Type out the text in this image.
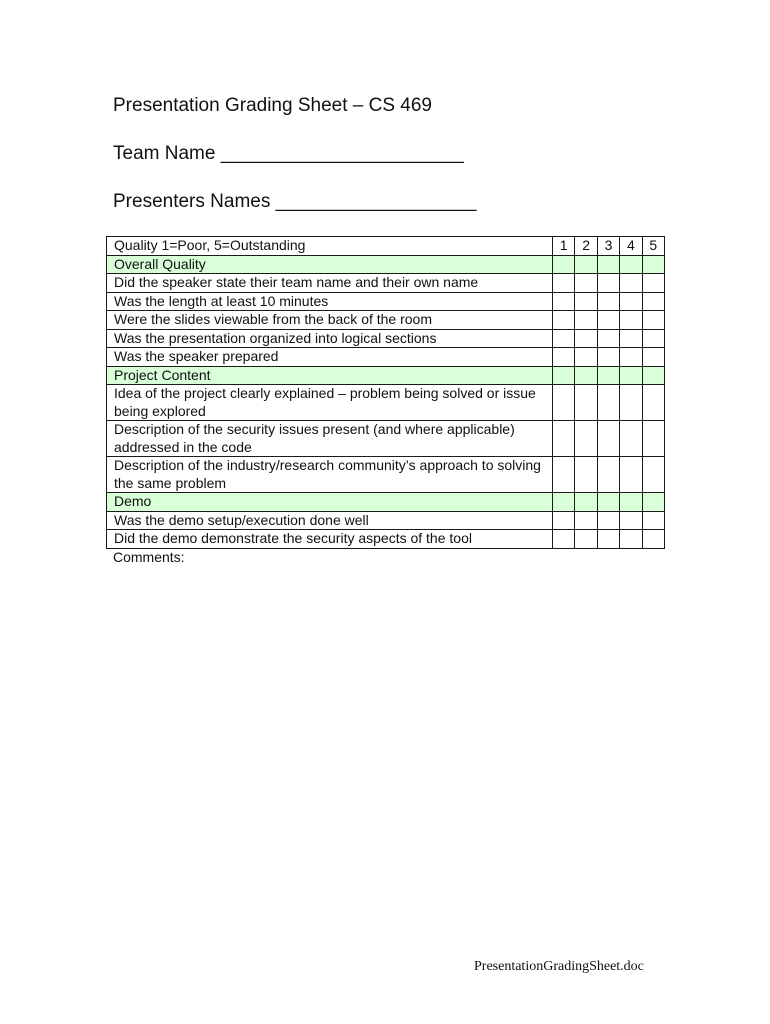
Presentation Grading Sheet – CS 469
Team Name _______________________
Presenters Names ___________________
Quality 1=Poor, 5=Outstanding	1	2	3	4	5
Overall Quality					
Did the speaker state their team name and their own name					
Was the length at least 10 minutes					
Were the slides viewable from the back of the room					
Was the presentation organized into logical sections					
Was the speaker prepared					
Project Content					
Idea of the project clearly explained – problem being solved or issue being explored					
Description of the security issues present (and where applicable) addressed in the code					
Description of the industry/research community’s approach to solving the same problem					
Demo					
Was the demo setup/execution done well					
Did the demo demonstrate the security aspects of the tool					
Comments:
PresentationGradingSheet.doc
